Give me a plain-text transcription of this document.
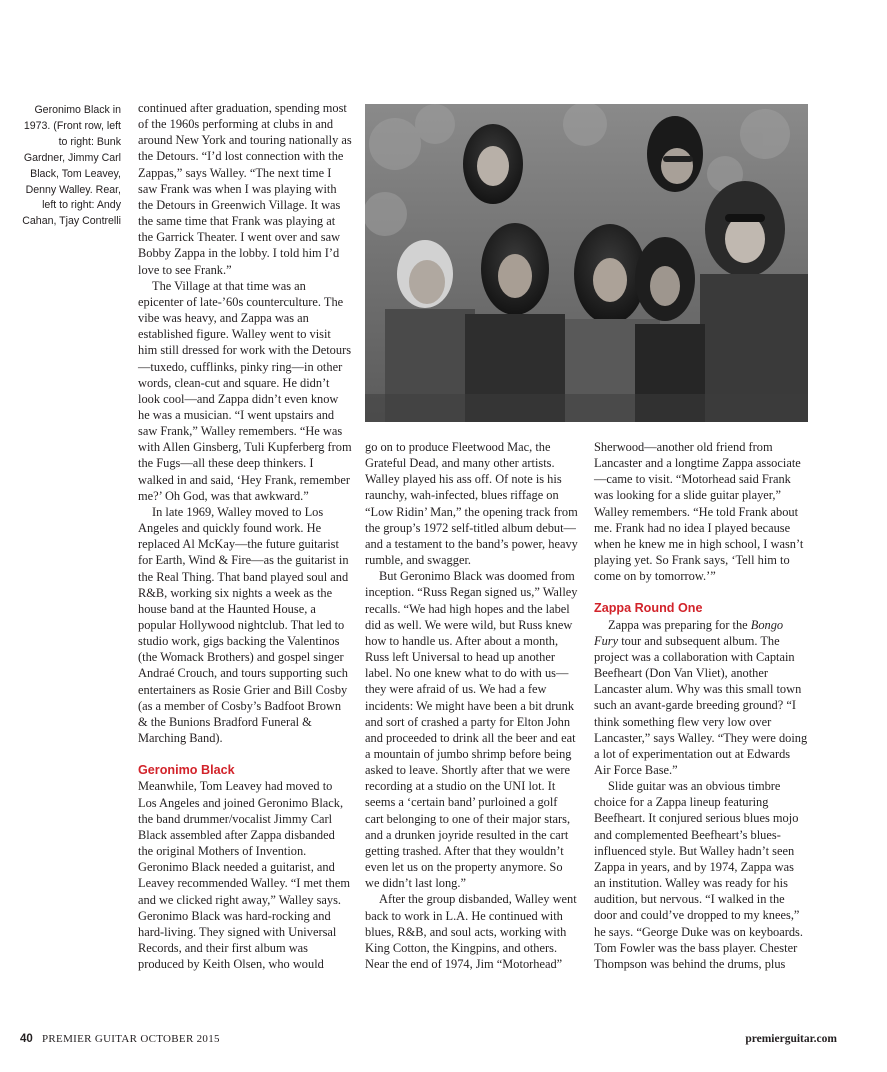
Geronimo Black in 1973. (Front row, left to right: Bunk Gardner, Jimmy Carl Black, Tom Leavey, Denny Walley. Rear, left to right: Andy Cahan, Tjay Contrelli

continued after graduation, spending most of the 1960s performing at clubs in and around New York and touring nationally as the Detours. “I’d lost connection with the Zappas,” says Walley. “The next time I saw Frank was when I was playing with the Detours in Greenwich Village. It was the same time that Frank was playing at the Garrick Theater. I went over and saw Bobby Zappa in the lobby. I told him I’d love to see Frank.”

The Village at that time was an epicenter of late-’60s counterculture. The vibe was heavy, and Zappa was an established figure. Walley went to visit him still dressed for work with the Detours—tuxedo, cufflinks, pinky ring—in other words, clean-cut and square. He didn’t look cool—and Zappa didn’t even know he was a musician. “I went upstairs and saw Frank,” Walley remembers. “He was with Allen Ginsberg, Tuli Kupferberg from the Fugs—all these deep thinkers. I walked in and said, ‘Hey Frank, remember me?’ Oh God, was that awkward.”

In late 1969, Walley moved to Los Angeles and quickly found work. He replaced Al McKay—the future guitarist for Earth, Wind & Fire—as the guitarist in the Real Thing. That band played soul and R&B, working six nights a week as the house band at the Haunted House, a popular Hollywood nightclub. That led to studio work, gigs backing the Valentinos (the Womack Brothers) and gospel singer Andraé Crouch, and tours supporting such entertainers as Rosie Grier and Bill Cosby (as a member of Cosby’s Badfoot Brown & the Bunions Bradford Funeral & Marching Band).

Geronimo Black

Meanwhile, Tom Leavey had moved to Los Angeles and joined Geronimo Black, the band drummer/vocalist Jimmy Carl Black assembled after Zappa disbanded the original Mothers of Invention. Geronimo Black needed a guitarist, and Leavey recommended Walley. “I met them and we clicked right away,” Walley says. Geronimo Black was hard-rocking and hard-living. They signed with Universal Records, and their first album was produced by Keith Olsen, who would

go on to produce Fleetwood Mac, the Grateful Dead, and many other artists. Walley played his ass off. Of note is his raunchy, wah-infected, blues riffage on “Low Ridin’ Man,” the opening track from the group’s 1972 self-titled album debut—and a testament to the band’s power, heavy rumble, and swagger.

But Geronimo Black was doomed from inception. “Russ Regan signed us,” Walley recalls. “We had high hopes and the label did as well. We were wild, but Russ knew how to handle us. After about a month, Russ left Universal to head up another label. No one knew what to do with us—they were afraid of us. We had a few incidents: We might have been a bit drunk and sort of crashed a party for Elton John and proceeded to drink all the beer and eat a mountain of jumbo shrimp before being asked to leave. Shortly after that we were recording at a studio on the UNI lot. It seems a ‘certain band’ purloined a golf cart belonging to one of their major stars, and a drunken joyride resulted in the cart getting trashed. After that they wouldn’t even let us on the property anymore. So we didn’t last long.”

After the group disbanded, Walley went back to work in L.A. He continued with blues, R&B, and soul acts, working with King Cotton, the Kingpins, and others. Near the end of 1974, Jim “Motorhead”

Sherwood—another old friend from Lancaster and a longtime Zappa associate—came to visit. “Motorhead said Frank was looking for a slide guitar player,” Walley remembers. “He told Frank about me. Frank had no idea I played because when he knew me in high school, I wasn’t playing yet. So Frank says, ‘Tell him to come on by tomorrow.’”

Zappa Round One

Zappa was preparing for the Bongo Fury tour and subsequent album. The project was a collaboration with Captain Beefheart (Don Van Vliet), another Lancaster alum. Why was this small town such an avant-garde breeding ground? “I think something flew very low over Lancaster,” says Walley. “They were doing a lot of experimentation out at Edwards Air Force Base.”

Slide guitar was an obvious timbre choice for a Zappa lineup featuring Beefheart. It conjured serious blues mojo and complemented Beefheart’s blues-influenced style. But Walley hadn’t seen Zappa in years, and by 1974, Zappa was an institution. Walley was ready for his audition, but nervous. “I walked in the door and could’ve dropped to my knees,” he says. “George Duke was on keyboards. Tom Fowler was the bass player. Chester Thompson was behind the drums, plus

40 PREMIER GUITAR OCTOBER 2015	premierguitar.com
